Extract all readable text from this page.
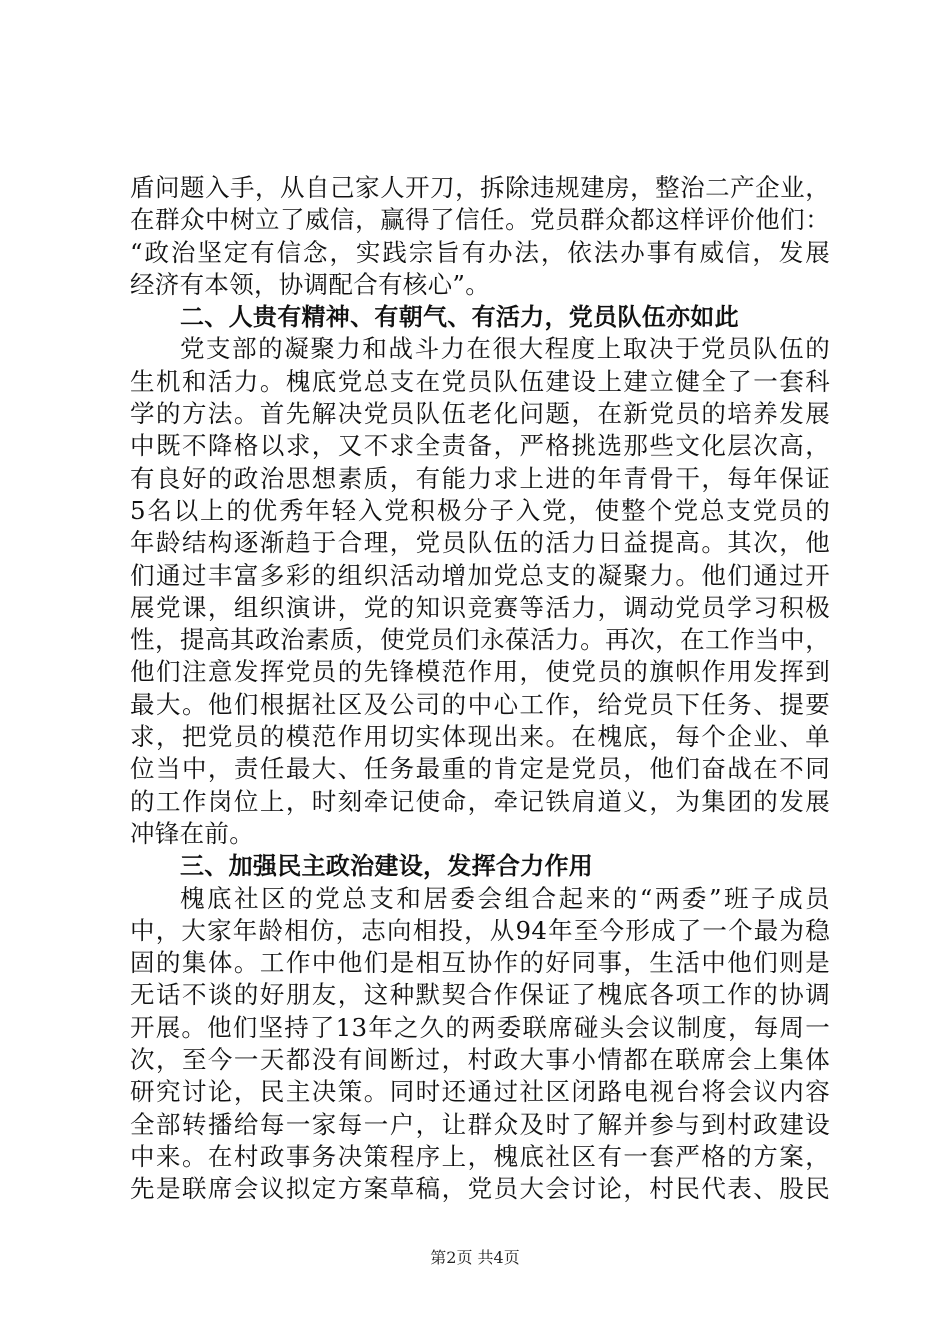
盾问题入手，从自己家人开刀，拆除违规建房，整治二产企业，
在群众中树立了威信，赢得了信任。党员群众都这样评价他们：
“政治坚定有信念，实践宗旨有办法，依法办事有威信，发展
经济有本领，协调配合有核心”。
二、人贵有精神、有朝气、有活力，党员队伍亦如此
党支部的凝聚力和战斗力在很大程度上取决于党员队伍的
生机和活力。槐底党总支在党员队伍建设上建立健全了一套科
学的方法。首先解决党员队伍老化问题，在新党员的培养发展
中既不降格以求，又不求全责备，严格挑选那些文化层次高，
有良好的政治思想素质，有能力求上进的年青骨干，每年保证
5名以上的优秀年轻入党积极分子入党，使整个党总支党员的
年龄结构逐渐趋于合理，党员队伍的活力日益提高。其次，他
们通过丰富多彩的组织活动增加党总支的凝聚力。他们通过开
展党课，组织演讲，党的知识竞赛等活力，调动党员学习积极
性，提高其政治素质，使党员们永葆活力。再次，在工作当中，
他们注意发挥党员的先锋模范作用，使党员的旗帜作用发挥到
最大。他们根据社区及公司的中心工作，给党员下任务、提要
求，把党员的模范作用切实体现出来。在槐底，每个企业、单
位当中，责任最大、任务最重的肯定是党员，他们奋战在不同
的工作岗位上，时刻牵记使命，牵记铁肩道义，为集团的发展
冲锋在前。
三、加强民主政治建设，发挥合力作用
槐底社区的党总支和居委会组合起来的“两委”班子成员
中，大家年龄相仿，志向相投，从94年至今形成了一个最为稳
固的集体。工作中他们是相互协作的好同事，生活中他们则是
无话不谈的好朋友，这种默契合作保证了槐底各项工作的协调
开展。他们坚持了13年之久的两委联席碰头会议制度，每周一
次，至今一天都没有间断过，村政大事小情都在联席会上集体
研究讨论，民主决策。同时还通过社区闭路电视台将会议内容
全部转播给每一家每一户，让群众及时了解并参与到村政建设
中来。在村政事务决策程序上，槐底社区有一套严格的方案，
先是联席会议拟定方案草稿，党员大会讨论，村民代表、股民
第2页 共4页
